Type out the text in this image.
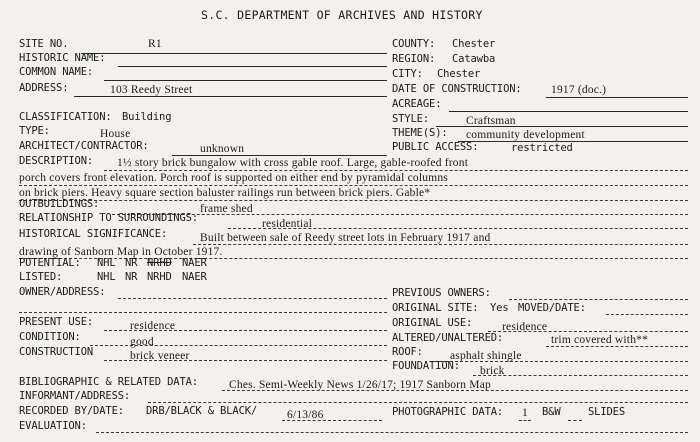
S.C. DEPARTMENT OF ARCHIVES AND HISTORY
SITE NO.	R1
HISTORIC NAME:
COMMON NAME:
ADDRESS:	103 Reedy Street
COUNTY: Chester
REGION: Catawba
CITY: Chester
DATE OF CONSTRUCTION:	1917 (doc.)
ACREAGE:
CLASSIFICATION: Building
TYPE:	House
ARCHITECT/CONTRACTOR:	unknown
STYLE:	Craftsman
THEME(S): community development
PUBLIC ACCESS:	restricted
DESCRIPTION: 1½ story brick bungalow with cross gable roof. Large, gable-roofed front
porch covers front elevation. Porch roof is supported on either end by pyramidal columns
on brick piers. Heavy square section baluster railings run between brick piers. Gable*
OUTBUILDINGS:	frame shed
RELATIONSHIP TO SURROUNDINGS:	residential
HISTORICAL SIGNIFICANCE:	Built between sale of Reedy street lots in February 1917 and
drawing of Sanborn Map in October 1917.
POTENTIAL: NHL NR NRHD NAER
LISTED:	NHL NR NRHD NAER
OWNER/ADDRESS:	PREVIOUS OWNERS:
ORIGINAL SITE: Yes MOVED/DATE:
PRESENT USE:	residence
CONDITION:	good
CONSTRUCTION	brick veneer
ORIGINAL USE:	residence
ALTERED/UNALTERED:	trim covered with**
ROOF: asphalt shingle
FOUNDATION: brick
BIBLIOGRAPHIC & RELATED DATA:	Ches. Semi-Weekly News 1/26/17; 1917 Sanborn Map
INFORMANT/ADDRESS:
RECORDED BY/DATE: DRB/BLACK & BLACK/	6/13/86	PHOTOGRAPHIC DATA: 1 B&W	SLIDES
EVALUATION:
